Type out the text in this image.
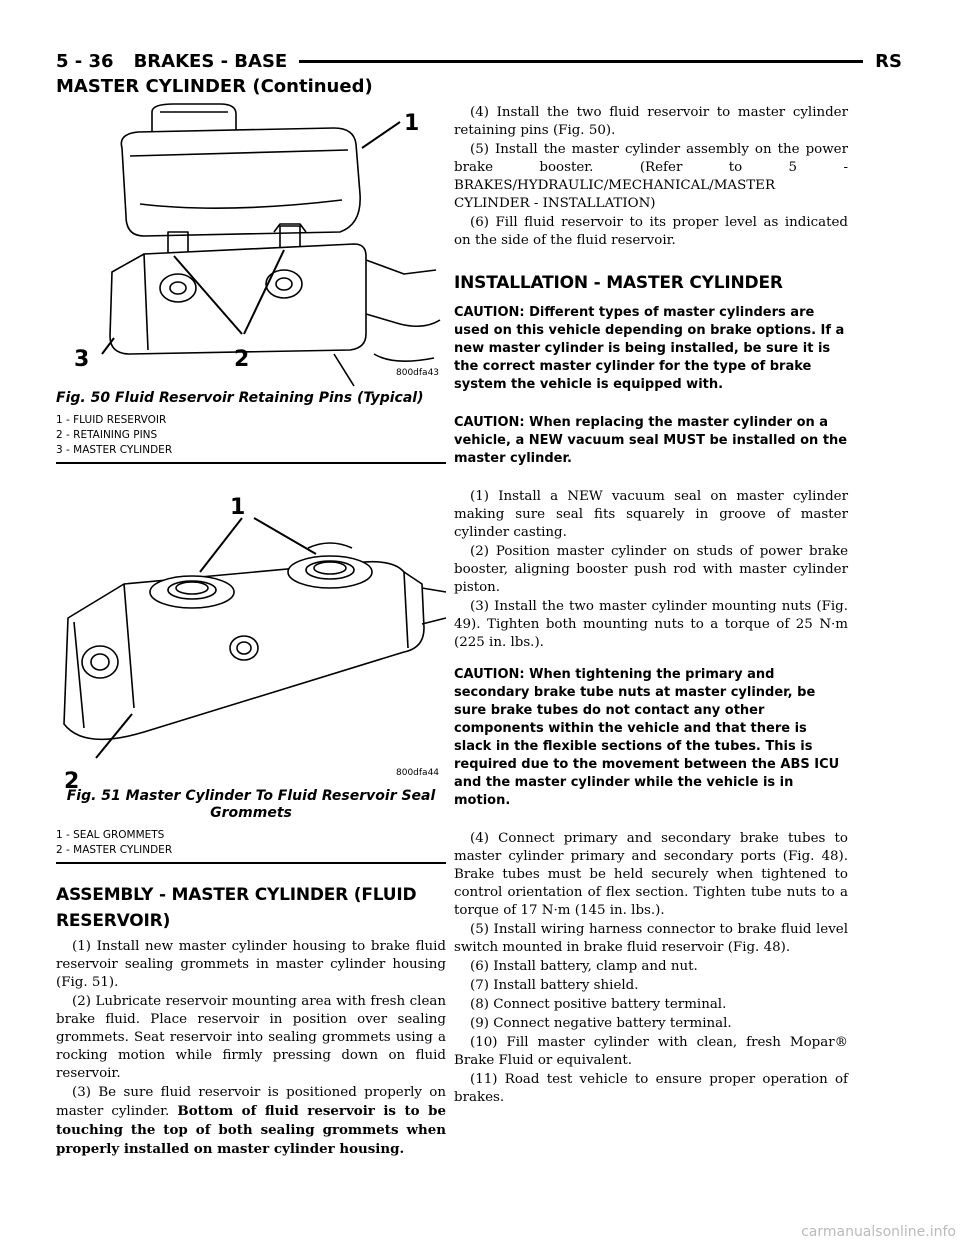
5 - 36 BRAKES - BASE	RS
MASTER CYLINDER (Continued)
1
2
3
800dfa43
Fig. 50 Fluid Reservoir Retaining Pins (Typical)
1 - FLUID RESERVOIR
2 - RETAINING PINS
3 - MASTER CYLINDER
1
2	800dfa44
Fig. 51 Master Cylinder To Fluid Reservoir Seal
Grommets
1 - SEAL GROMMETS
2 - MASTER CYLINDER
ASSEMBLY - MASTER CYLINDER (FLUID RESERVOIR)

(1) Install new master cylinder housing to brake fluid reservoir sealing grommets in master cylinder housing (Fig. 51).

(2) Lubricate reservoir mounting area with fresh clean brake fluid. Place reservoir in position over sealing grommets. Seat reservoir into sealing grommets using a rocking motion while firmly pressing down on fluid reservoir.

(3) Be sure fluid reservoir is positioned properly on master cylinder. Bottom of fluid reservoir is to be touching the top of both sealing grommets when properly installed on master cylinder housing.

(4) Install the two fluid reservoir to master cylinder retaining pins (Fig. 50).

(5) Install the master cylinder assembly on the power brake booster. (Refer to 5 - BRAKES/HYDRAULIC/MECHANICAL/MASTER CYLINDER - INSTALLATION)

(6) Fill fluid reservoir to its proper level as indicated on the side of the fluid reservoir.

INSTALLATION - MASTER CYLINDER
CAUTION: Different types of master cylinders are used on this vehicle depending on brake options. If a new master cylinder is being installed, be sure it is the correct master cylinder for the type of brake system the vehicle is equipped with.
CAUTION: When replacing the master cylinder on a vehicle, a NEW vacuum seal MUST be installed on the master cylinder.

(1) Install a NEW vacuum seal on master cylinder making sure seal fits squarely in groove of master cylinder casting.

(2) Position master cylinder on studs of power brake booster, aligning booster push rod with master cylinder piston.

(3) Install the two master cylinder mounting nuts (Fig. 49). Tighten both mounting nuts to a torque of 25 N·m (225 in. lbs.).

CAUTION: When tightening the primary and secondary brake tube nuts at master cylinder, be sure brake tubes do not contact any other components within the vehicle and that there is slack in the flexible sections of the tubes. This is required due to the movement between the ABS ICU and the master cylinder while the vehicle is in motion.

(4) Connect primary and secondary brake tubes to master cylinder primary and secondary ports (Fig. 48). Brake tubes must be held securely when tightened to control orientation of flex section. Tighten tube nuts to a torque of 17 N·m (145 in. lbs.).

(5) Install wiring harness connector to brake fluid level switch mounted in brake fluid reservoir (Fig. 48).

(6) Install battery, clamp and nut.

(7) Install battery shield.

(8) Connect positive battery terminal.

(9) Connect negative battery terminal.

(10) Fill master cylinder with clean, fresh Mopar® Brake Fluid or equivalent.

(11) Road test vehicle to ensure proper operation of brakes.

carmanualsonline.info
